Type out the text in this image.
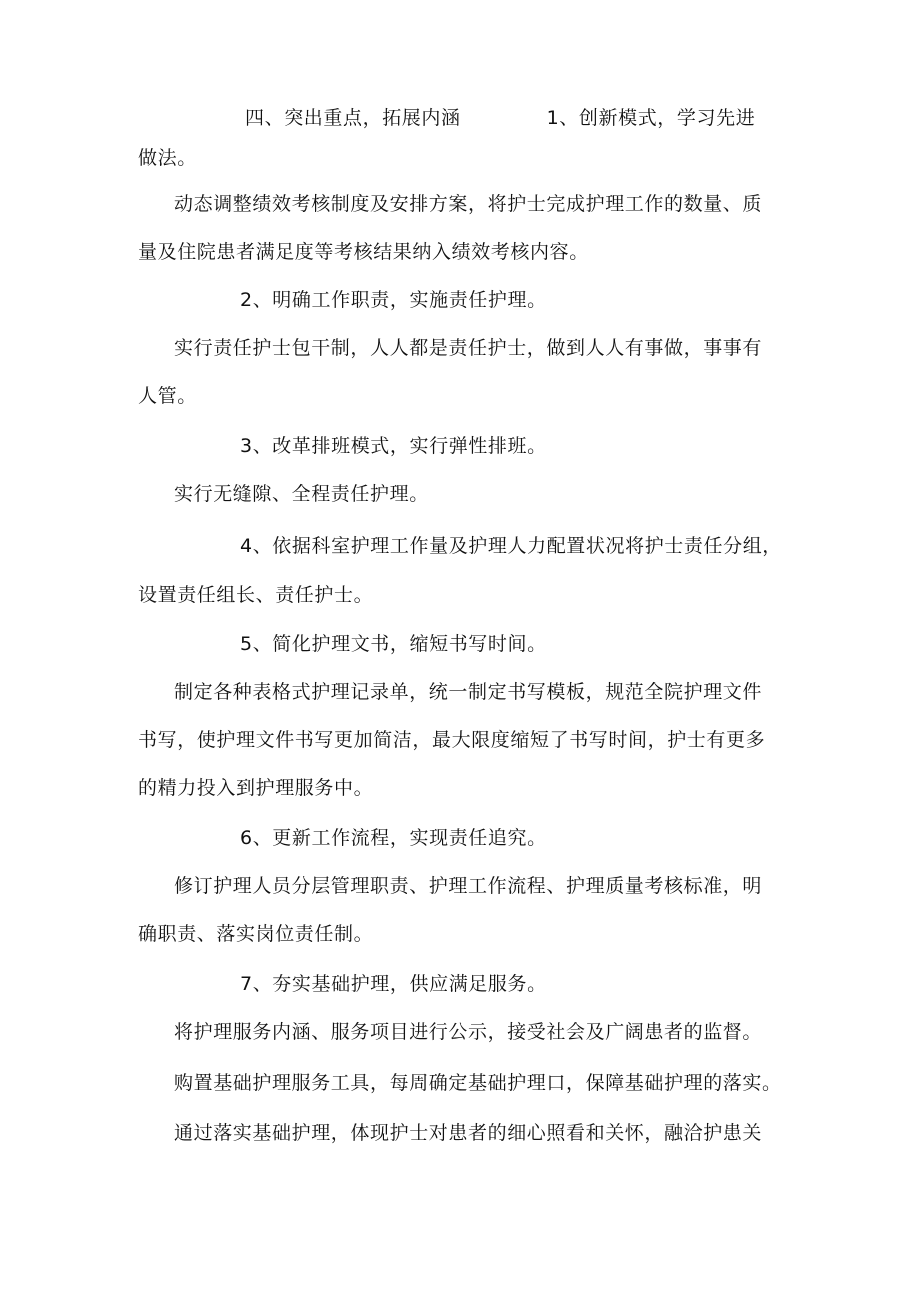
四、突出重点，拓展内涵	1、创新模式，学习先进
做法。
动态调整绩效考核制度及安排方案，将护士完成护理工作的数量、质
量及住院患者满足度等考核结果纳入绩效考核内容。
2、明确工作职责，实施责任护理。
实行责任护士包干制，人人都是责任护士，做到人人有事做，事事有
人管。
3、改革排班模式，实行弹性排班。
实行无缝隙、全程责任护理。
4、依据科室护理工作量及护理人力配置状况将护士责任分组，
设置责任组长、责任护士。
5、简化护理文书，缩短书写时间。
制定各种表格式护理记录单，统一制定书写模板，规范全院护理文件
书写，使护理文件书写更加简洁，最大限度缩短了书写时间，护士有更多
的精力投入到护理服务中。
6、更新工作流程，实现责任追究。
修订护理人员分层管理职责、护理工作流程、护理质量考核标准，明
确职责、落实岗位责任制。
7、夯实基础护理，供应满足服务。
将护理服务内涵、服务项目进行公示，接受社会及广阔患者的监督。
购置基础护理服务工具，每周确定基础护理口，保障基础护理的落实。
通过落实基础护理，体现护士对患者的细心照看和关怀，融洽护患关
